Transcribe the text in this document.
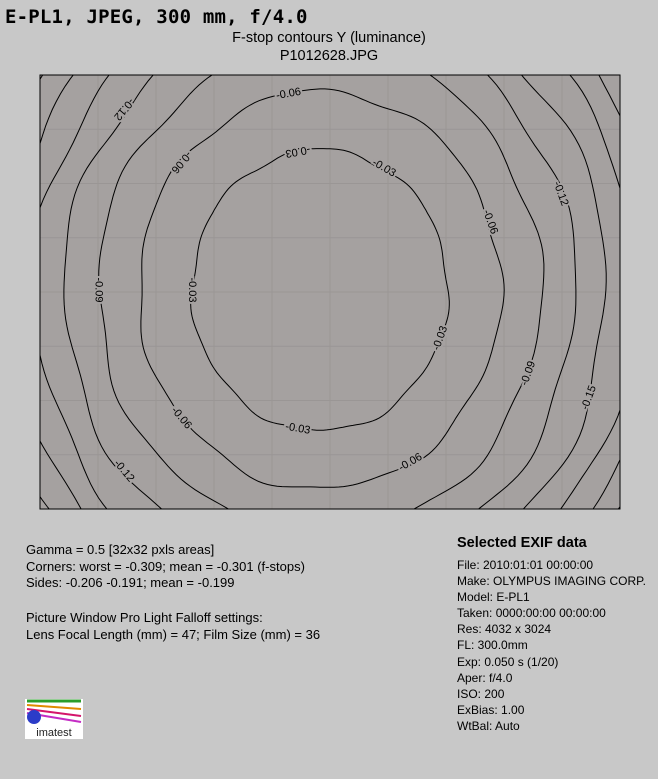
E-PL1, JPEG, 300 mm, f/4.0
F-stop contours Y (luminance)
P1012628.JPG
-0.03
-0.03
-0.03
-0.03
-0.03
-0.06
-0.06
-0.06
-0.06
-0.06
-0.09
-0.09
-0.12
-0.12
-0.12
-0.15
Gamma = 0.5 [32x32 pxls areas]
Corners: worst = -0.309; mean = -0.301 (f-stops)
Sides: -0.206 -0.191; mean = -0.199
Picture Window Pro Light Falloff settings:
Lens Focal Length (mm) = 47; Film Size (mm) = 36
Selected EXIF data
File: 2010:01:01 00:00:00
Make: OLYMPUS IMAGING CORP.
Model: E-PL1
Taken: 0000:00:00 00:00:00
Res: 4032 x 3024
FL: 300.0mm
Exp: 0.050 s (1/20)
Aper: f/4.0
ISO: 200
ExBias: 1.00
WtBal: Auto
imatest
